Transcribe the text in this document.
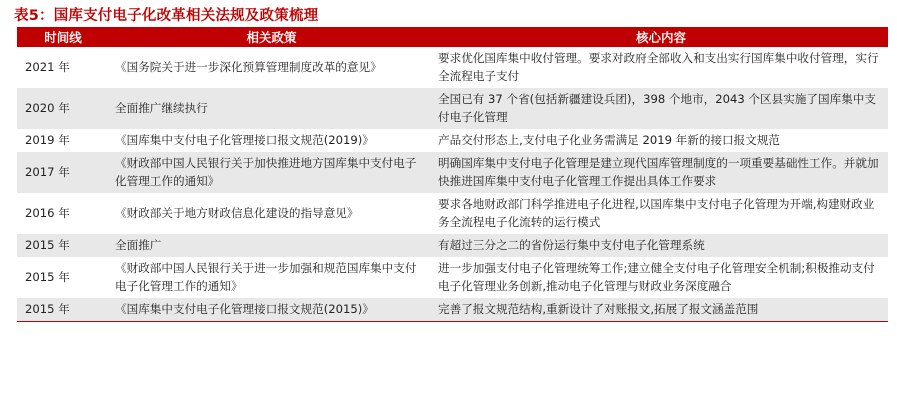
表5：国库支付电子化改革相关法规及政策梳理
时间线	相关政策	核心内容
2021 年	《国务院关于进一步深化预算管理制度改革的意见》	要求优化国库集中收付管理。要求对政府全部收入和支出实行国库集中收付管理，实行全流程电子支付
2020 年	全面推广继续执行	全国已有 37 个省(包括新疆建设兵团)，398 个地市，2043 个区县实施了国库集中支付电子化管理
2019 年	《国库集中支付电子化管理接口报文规范(2019)》	产品交付形态上,支付电子化业务需满足 2019 年新的接口报文规范
2017 年	《财政部中国人民银行关于加快推进地方国库集中支付电子化管理工作的通知》	明确国库集中支付电子化管理是建立现代国库管理制度的一项重要基础性工作。并就加快推进国库集中支付电子化管理工作提出具体工作要求
2016 年	《财政部关于地方财政信息化建设的指导意见》	要求各地财政部门科学推进电子化进程,以国库集中支付电子化管理为开端,构建财政业务全流程电子化流转的运行模式
2015 年	全面推广	有超过三分之二的省份运行集中支付电子化管理系统
2015 年	《财政部中国人民银行关于进一步加强和规范国库集中支付电子化管理工作的通知》	进一步加强支付电子化管理统筹工作;建立健全支付电子化管理安全机制;积极推动支付电子化管理业务创新,推动电子化管理与财政业务深度融合
2015 年	《国库集中支付电子化管理接口报文规范(2015)》	完善了报文规范结构,重新设计了对账报文,拓展了报文涵盖范围
